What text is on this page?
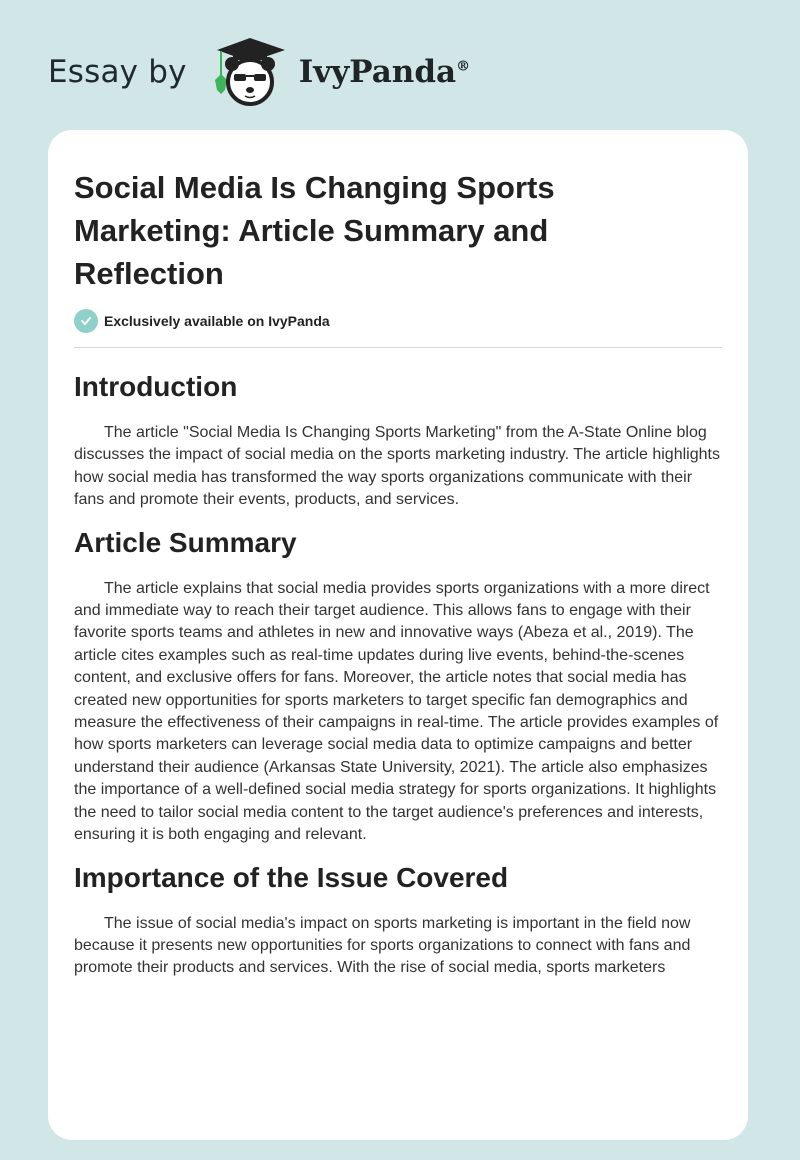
Essay by	IvyPanda®
Social Media Is Changing Sports Marketing: Article Summary and Reflection
Exclusively available on IvyPanda
Introduction

The article "Social Media Is Changing Sports Marketing" from the A-State Online blog discusses the impact of social media on the sports marketing industry. The article highlights how social media has transformed the way sports organizations communicate with their fans and promote their events, products, and services.

Article Summary

The article explains that social media provides sports organizations with a more direct and immediate way to reach their target audience. This allows fans to engage with their favorite sports teams and athletes in new and innovative ways (Abeza et al., 2019). The article cites examples such as real-time updates during live events, behind-the-scenes content, and exclusive offers for fans. Moreover, the article notes that social media has created new opportunities for sports marketers to target specific fan demographics and measure the effectiveness of their campaigns in real-time. The article provides examples of how sports marketers can leverage social media data to optimize campaigns and better understand their audience (Arkansas State University, 2021). The article also emphasizes the importance of a well-defined social media strategy for sports organizations. It highlights the need to tailor social media content to the target audience's preferences and interests, ensuring it is both engaging and relevant.

Importance of the Issue Covered

The issue of social media's impact on sports marketing is important in the field now because it presents new opportunities for sports organizations to connect with fans and promote their products and services. With the rise of social media, sports marketers
